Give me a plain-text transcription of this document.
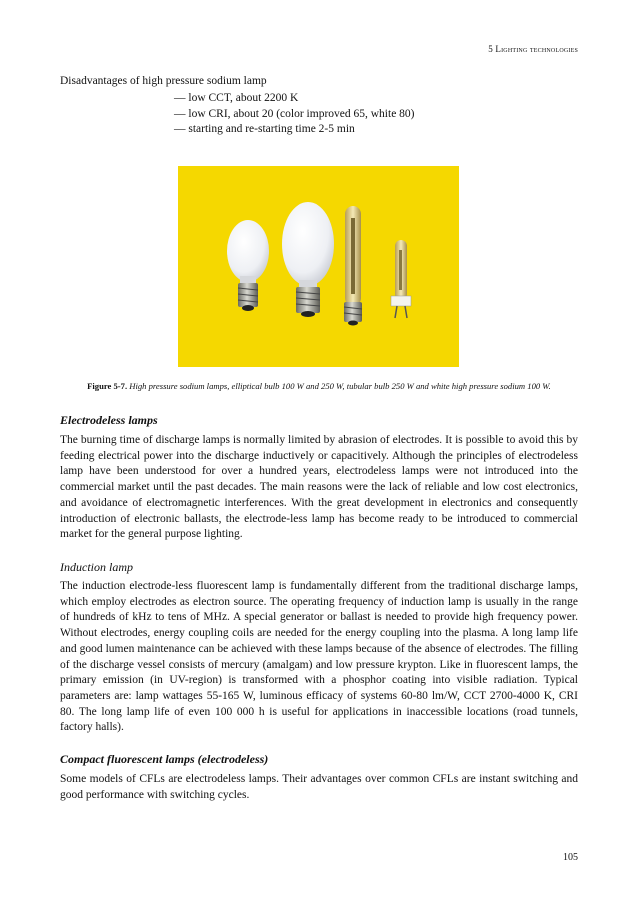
5 Lighting technologies
Disadvantages of high pressure sodium lamp
— low CCT, about 2200 K
— low CRI, about 20 (color improved 65, white 80)
— starting and re-starting time 2-5 min
Figure 5-7. High pressure sodium lamps, elliptical bulb 100 W and 250 W, tubular bulb 250 W and white high pressure sodium 100 W.
Electrodeless lamps

The burning time of discharge lamps is normally limited by abrasion of electrodes. It is possible to avoid this by feeding electrical power into the discharge inductively or capacitively. Although the principles of electrodeless lamp have been understood for over a hundred years, electrodeless lamps were not introduced into the commercial market until the past decades. The main reasons were the lack of reliable and low cost electronics, and avoidance of electromagnetic interferences. With the great development in electronics and consequently introduction of electronic ballasts, the electrode-less lamp has become ready to be introduced to commercial market for the general purpose lighting.

Induction lamp

The induction electrode-less fluorescent lamp is fundamentally different from the traditional discharge lamps, which employ electrodes as electron source. The operating frequency of induction lamp is usually in the range of hundreds of kHz to tens of MHz. A special generator or ballast is needed to provide high frequency power. Without electrodes, energy coupling coils are needed for the energy coupling into the plasma. A long lamp life and good lumen maintenance can be achieved with these lamps because of the absence of electrodes. The filling of the discharge vessel consists of mercury (amalgam) and low pressure krypton. Like in fluorescent lamps, the primary emission (in UV-region) is transformed with a phosphor coating into visible radiation. Typical parameters are: lamp wattages 55-165 W, luminous efficacy of systems 60-80 lm/W, CCT 2700-4000 K, CRI 80. The long lamp life of even 100 000 h is useful for applications in inaccessible locations (road tunnels, factory halls).

Compact fluorescent lamps (electrodeless)

Some models of CFLs are electrodeless lamps. Their advantages over common CFLs are instant switching and good performance with switching cycles.

105
